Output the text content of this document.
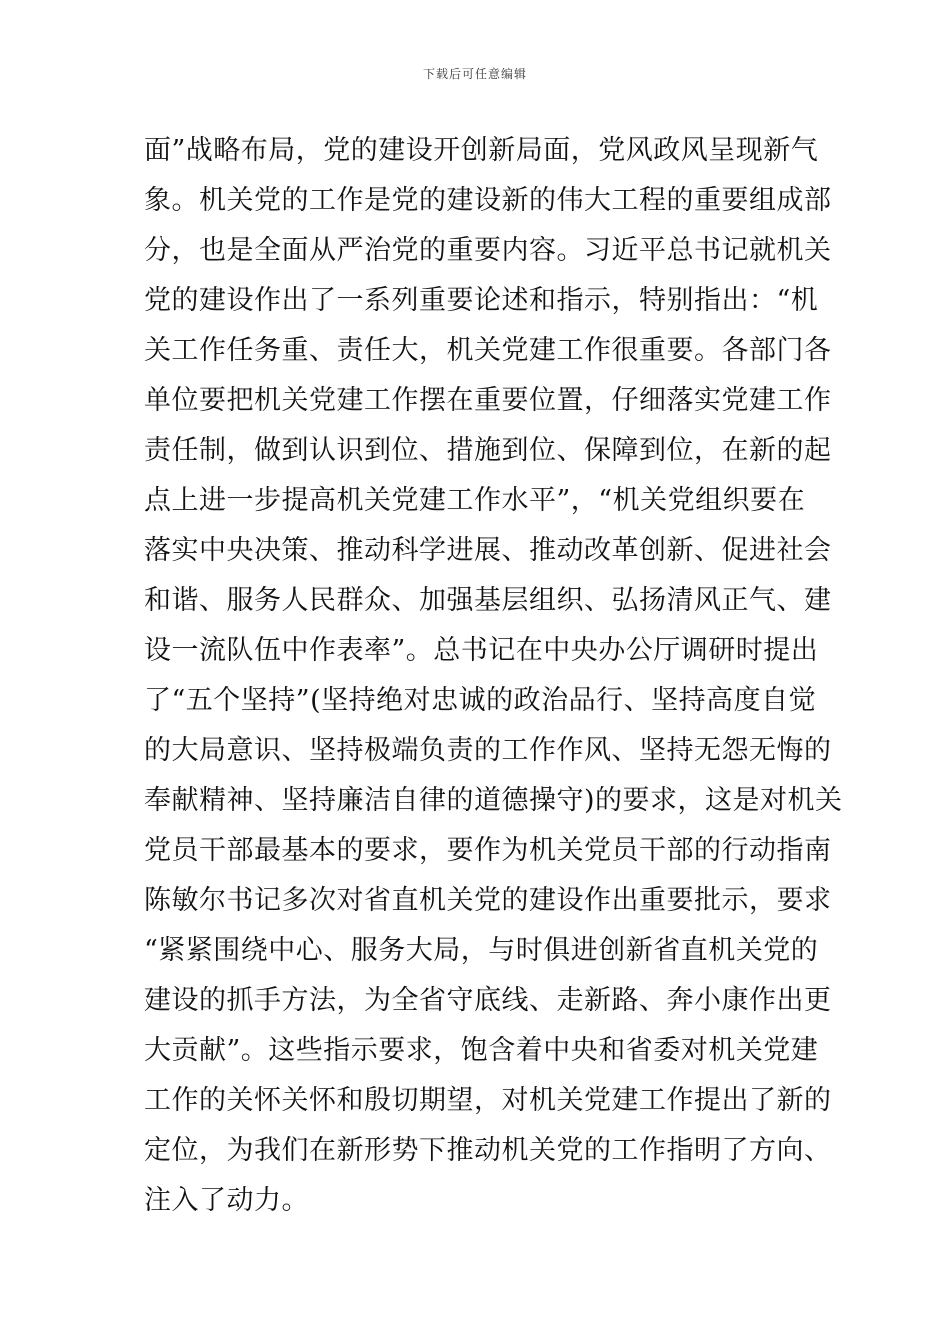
下载后可任意编辑
面”战略布局，党的建设开创新局面，党风政风呈现新气
象。机关党的工作是党的建设新的伟大工程的重要组成部
分，也是全面从严治党的重要内容。习近平总书记就机关
党的建设作出了一系列重要论述和指示，特别指出：“机
关工作任务重、责任大，机关党建工作很重要。各部门各
单位要把机关党建工作摆在重要位置，仔细落实党建工作
责任制，做到认识到位、措施到位、保障到位，在新的起
点上进一步提高机关党建工作水平”，“机关党组织要在
落实中央决策、推动科学进展、推动改革创新、促进社会
和谐、服务人民群众、加强基层组织、弘扬清风正气、建
设一流队伍中作表率”。总书记在中央办公厅调研时提出
了“五个坚持”(坚持绝对忠诚的政治品行、坚持高度自觉
的大局意识、坚持极端负责的工作作风、坚持无怨无悔的
奉献精神、坚持廉洁自律的道德操守)的要求，这是对机关
党员干部最基本的要求，要作为机关党员干部的行动指南
陈敏尔书记多次对省直机关党的建设作出重要批示，要求
“紧紧围绕中心、服务大局，与时俱进创新省直机关党的
建设的抓手方法，为全省守底线、走新路、奔小康作出更
大贡献”。这些指示要求，饱含着中央和省委对机关党建
工作的关怀关怀和殷切期望，对机关党建工作提出了新的
定位，为我们在新形势下推动机关党的工作指明了方向、
注入了动力。
